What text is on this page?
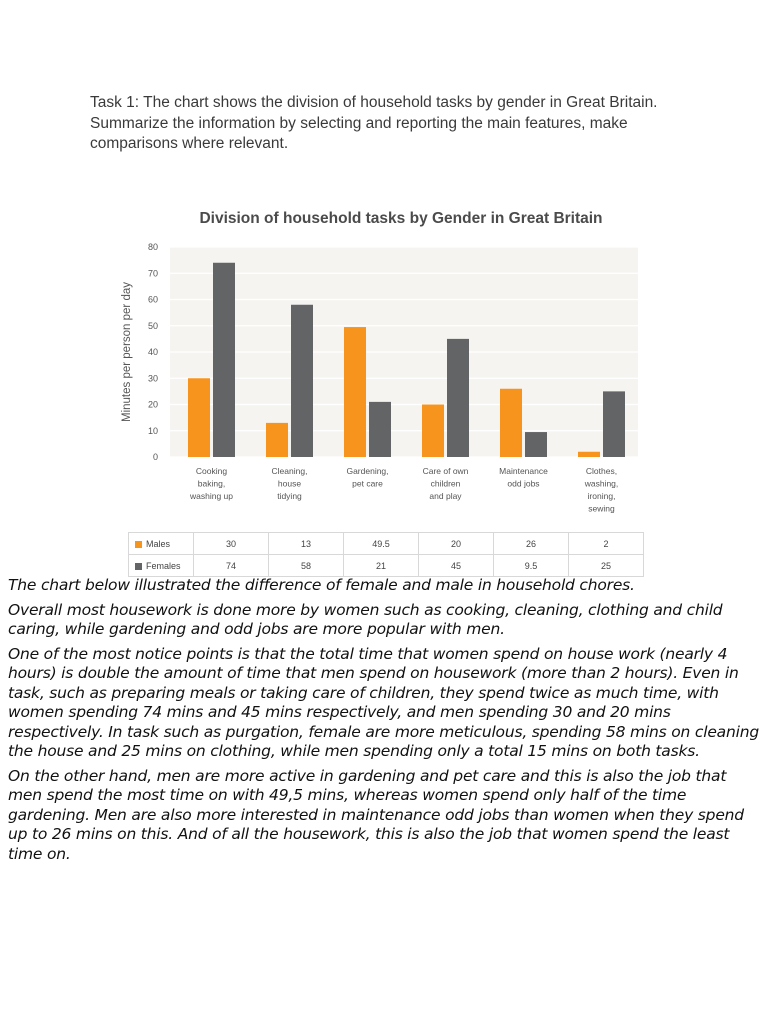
Task 1: The chart shows the division of household tasks by gender in Great Britain. Summarize the information by selecting and reporting the main features, make comparisons where relevant.
Division of household tasks by Gender in Great Britain
0
10
20
30
40
50
60
70
80
Minutes per person per day
Cooking
baking,
washing up
Cleaning,
house
tidying
Gardening,
pet care
Care of own
children
and play
Maintenance
odd jobs
Clothes,
washing,
ironing,
sewing
Males	30	13	49.5	20	26	2
Females	74	58	21	45	9.5	25

The chart below illustrated the difference of female and male in household chores.

Overall most housework is done more by women such as cooking, cleaning, clothing and child caring, while gardening and odd jobs are more popular with men.

One of the most notice points is that the total time that women spend on house work (nearly 4 hours) is double the amount of time that men spend on housework (more than 2 hours). Even in task, such as preparing meals or taking care of children, they spend twice as much time, with women spending 74 mins and 45 mins respectively, and men spending 30 and 20 mins respectively. In task such as purgation, female are more meticulous, spending 58 mins on cleaning the house and 25 mins on clothing, while men spending only a total 15 mins on both tasks.

On the other hand, men are more active in gardening and pet care and this is also the job that men spend the most time on with 49,5 mins, whereas women spend only half of the time gardening. Men are also more interested in maintenance odd jobs than women when they spend up to 26 mins on this. And of all the housework, this is also the job that women spend the least time on.
